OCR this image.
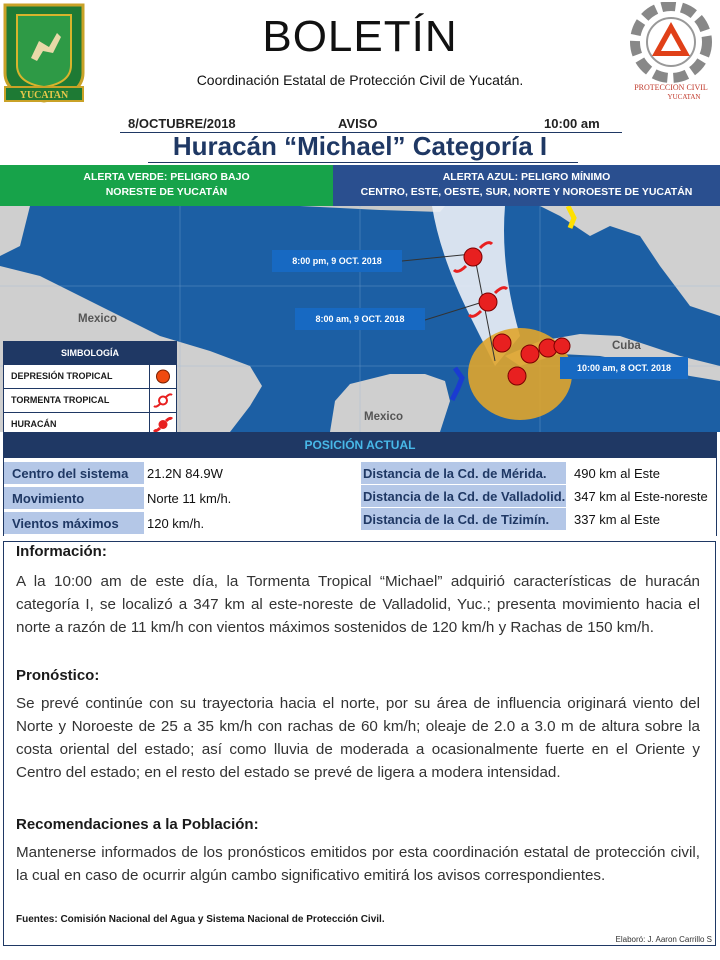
YUCATAN
BOLETÍN
Coordinación Estatal de Protección Civil de Yucatán.	PROTECCION CIVIL
YUCATAN
8/OCTUBRE/2018	AVISO	10:00 am
Huracán “Michael” Categoría I
ALERTA VERDE: PELIGRO BAJO
NORESTE DE YUCATÁN
ALERTA AZUL: PELIGRO MÍNIMO
CENTRO, ESTE, OESTE, SUR, NORTE Y NOROESTE DE YUCATÁN
Mexico
Mexico
Cuba
8:00 pm, 9 OCT. 2018
8:00 am, 9 OCT. 2018
10:00 am, 8 OCT. 2018
SIMBOLOGÍA
DEPRESIÓN TROPICAL
TORMENTA TROPICAL
HURACÁN
POSICIÓN ACTUAL
Centro del sistema	21.2N 84.9W
Movimiento	Norte 11 km/h.
Vientos máximos	120 km/h.
Distancia de la Cd. de Mérida.	490 km al Este
Distancia de la Cd. de Valladolid. 347 km al Este-noreste
Distancia de la Cd. de Tizimín.	337 km al Este
Información:
A la 10:00 am de este día, la Tormenta Tropical “Michael” adquirió características de huracán categoría I, se localizó a 347 km al este-noreste de Valladolid, Yuc.; presenta movimiento hacia el norte a razón de 11 km/h con vientos máximos sostenidos de 120 km/h y Rachas de 150 km/h.
Pronóstico:
Se prevé continúe con su trayectoria hacia el norte, por su área de influencia originará viento del Norte y Noroeste de 25 a 35 km/h con rachas de 60 km/h; oleaje de 2.0 a 3.0 m de altura sobre la costa oriental del estado; así como lluvia de moderada a ocasionalmente fuerte en el Oriente y Centro del estado; en el resto del estado se prevé de ligera a modera intensidad.
Recomendaciones a la Población:
Mantenerse informados de los pronósticos emitidos por esta coordinación estatal de protección civil, la cual en caso de ocurrir algún cambo significativo emitirá los avisos correspondientes.
Fuentes: Comisión Nacional del Agua y Sistema Nacional de Protección Civil.
Elaboró: J. Aaron Carrillo S
